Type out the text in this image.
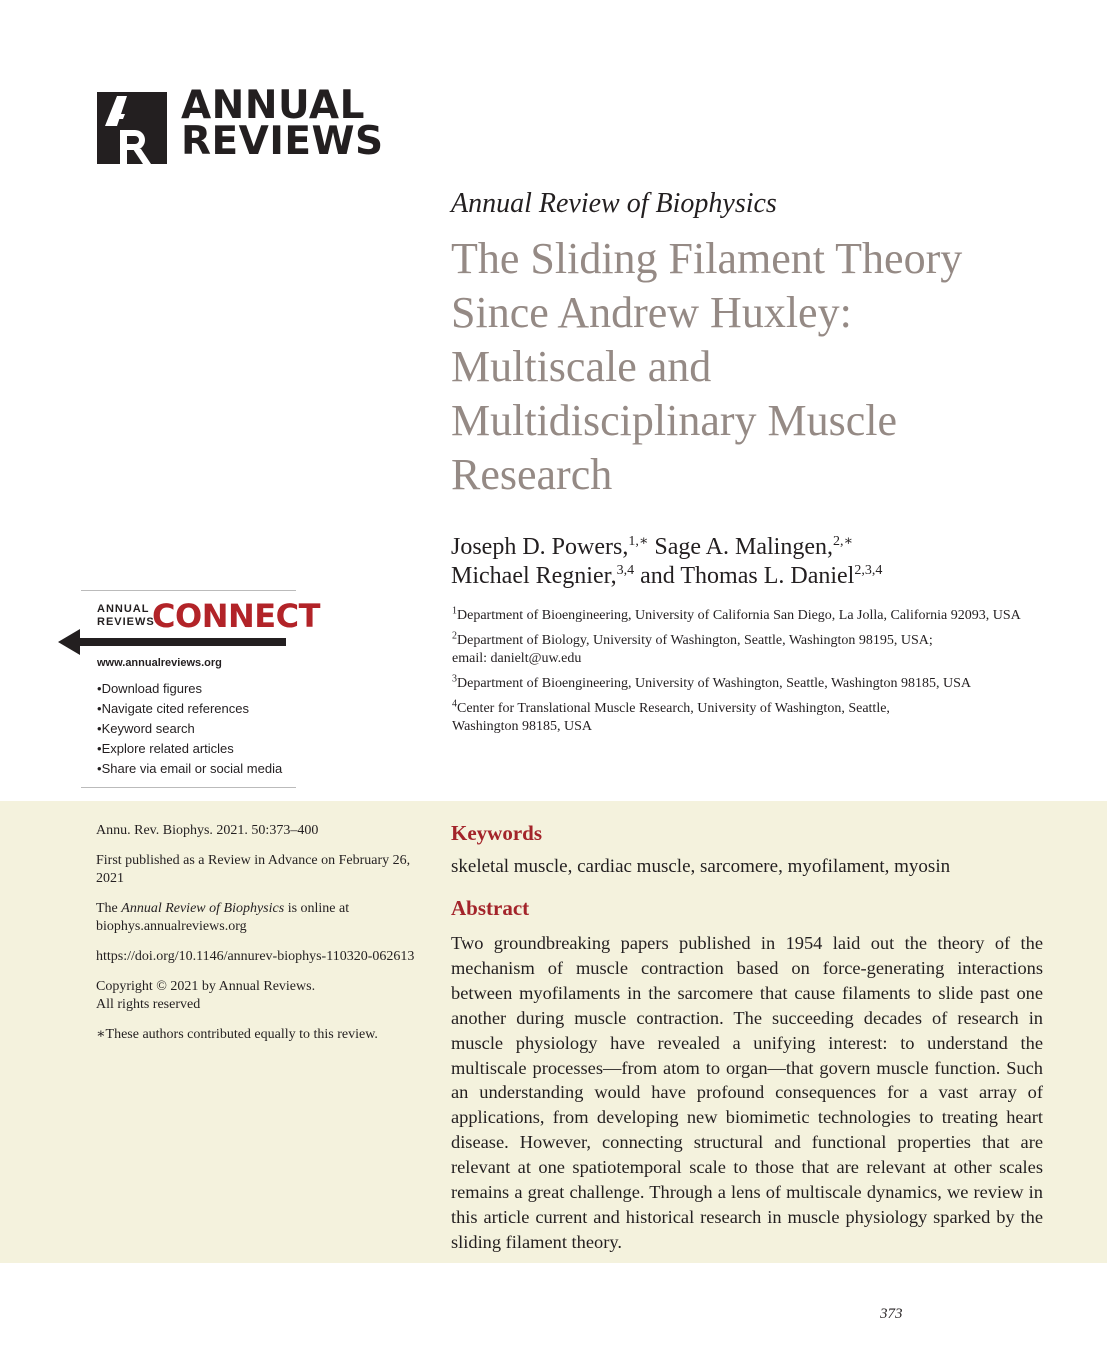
ANNUAL
REVIEWS
Annual Review of Biophysics
The Sliding Filament Theory Since Andrew Huxley: Multiscale and Multidisciplinary Muscle Research
Joseph D. Powers,$^{1,∗}$ Sage A. Malingen,$^{2,∗}$
Michael Regnier,$^{3,4}$ and Thomas L. Daniel$^{2,3,4}$
$^1$Department of Bioengineering, University of California San Diego, La Jolla, California 92093, USA
$^2$Department of Biology, University of Washington, Seattle, Washington 98195, USA;
email: danielt@uw.edu
$^3$Department of Bioengineering, University of Washington, Seattle, Washington 98185, USA
$^4$Center for Translational Muscle Research, University of Washington, Seattle,
Washington 98185, USA
ANNUAL
REVIEWS
CONNECT
www.annualreviews.org
• Download figures
• Navigate cited references
• Keyword search
• Explore related articles
• Share via email or social media

Annu. Rev. Biophys. 2021. 50:373–400

First published as a Review in Advance on February 26, 2021

The Annual Review of Biophysics is online at biophys.annualreviews.org

https://doi.org/10.1146/annurev-biophys-110320-062613

Copyright © 2021 by Annual Reviews.
All rights reserved

∗These authors contributed equally to this review.

Keywords
skeletal muscle, cardiac muscle, sarcomere, myofilament, myosin
Abstract
Two groundbreaking papers published in 1954 laid out the theory of the mechanism of muscle contraction based on force-generating interactions between myofilaments in the sarcomere that cause filaments to slide past one another during muscle contraction. The succeeding decades of research in muscle physiology have revealed a unifying interest: to understand the multiscale processes—from atom to organ—that govern muscle function. Such an understanding would have profound consequences for a vast array of applications, from developing new biomimetic technologies to treating heart disease. However, connecting structural and functional properties that are relevant at one spatiotemporal scale to those that are relevant at other scales remains a great challenge. Through a lens of multiscale dynamics, we review in this article current and historical research in muscle physiology sparked by the sliding filament theory.
373
